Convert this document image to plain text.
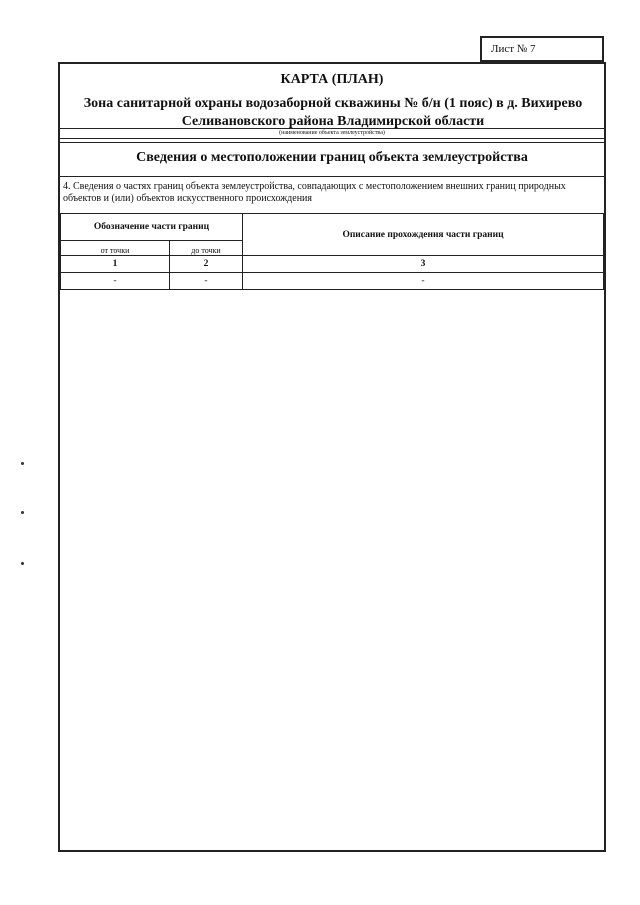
Лист № 7
КАРТА (ПЛАН)
Зона санитарной охраны водозаборной скважины № б/н (1 пояс) в д. Вихирево
Селивановского района Владимирской области
(наименование объекта землеустройства)
Сведения о местоположении границ объекта землеустройства
4. Сведения о частях границ объекта землеустройства, совпадающих с местоположением внешних границ природных объектов и (или) объектов искусственного происхождения
Обозначение части границ		Описание прохождения части границ
от точки	до точки	
1	2	3
-	-	-
